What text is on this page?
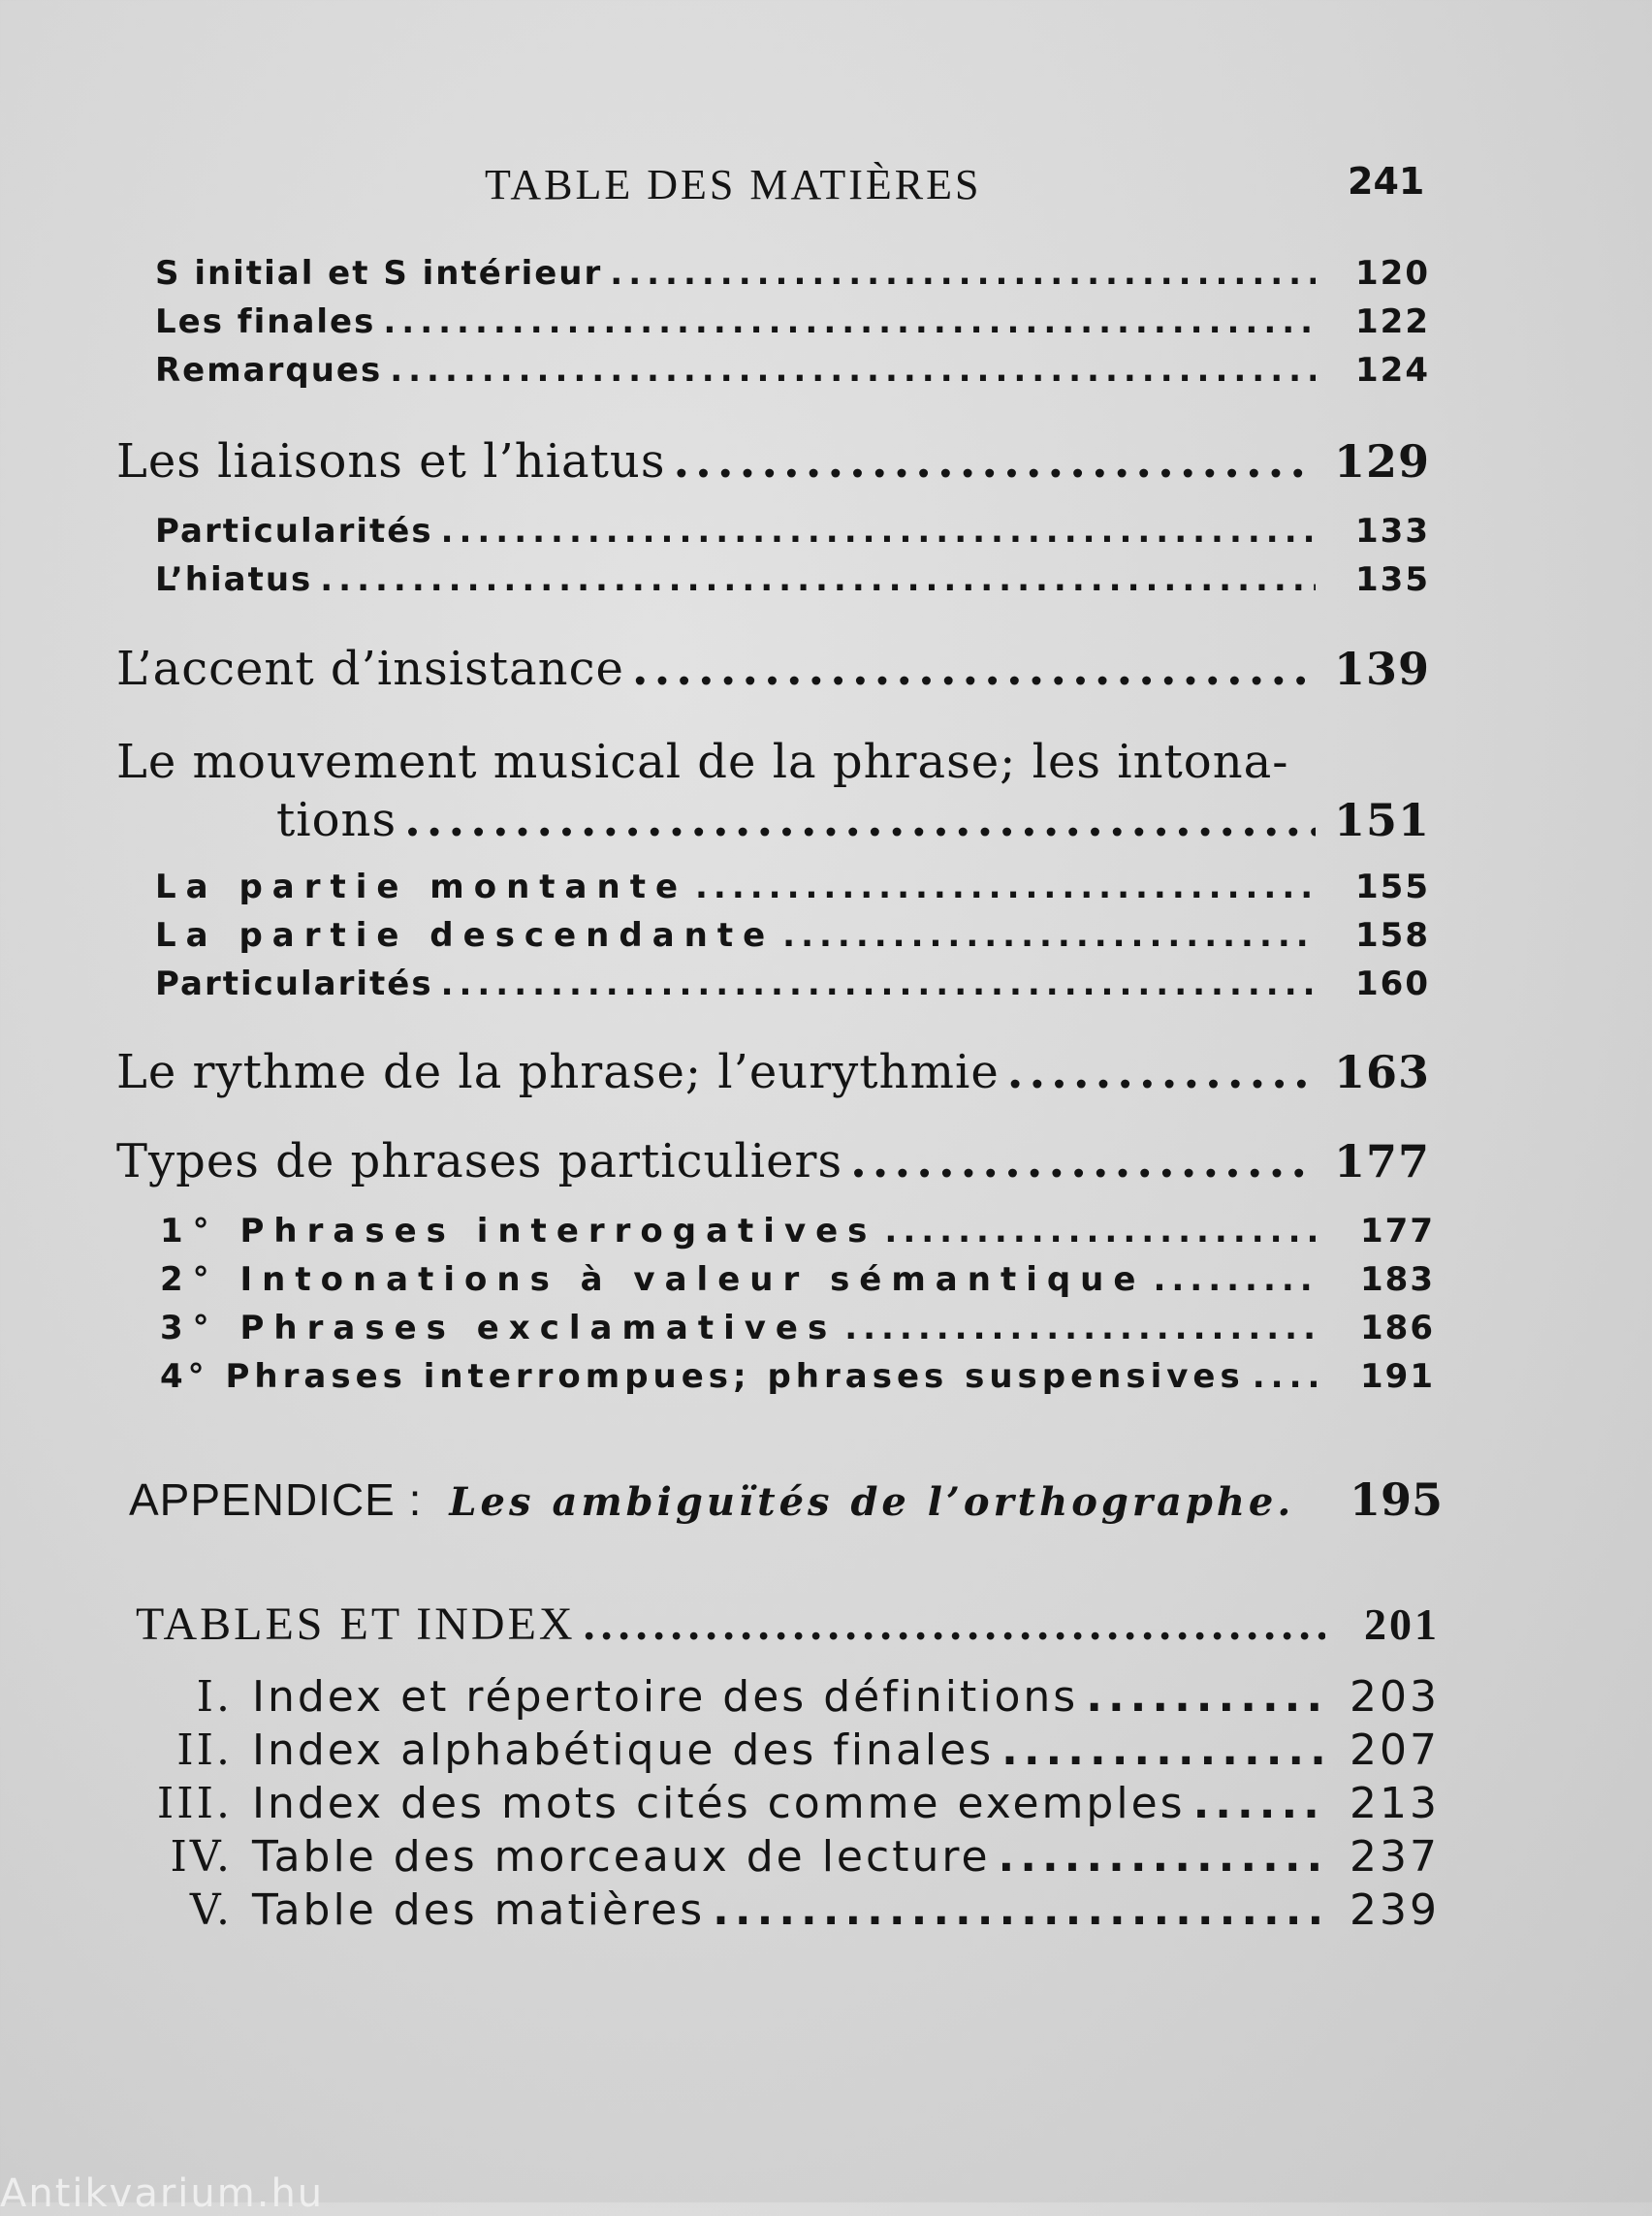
TABLE DES MATIÈRES	241
S initial et S intérieur .....	120
Les finales .....	122
Remarques .....	124
Les liaisons et l’hiatus .....	129
Particularités .....	133
L’hiatus .....	135
L’accent d’insistance .....	139
Le mouvement musical de la phrase; les intona-
tions .....	151
La partie montante .....	155
La partie descendante .....	158
Particularités .....	160
Le rythme de la phrase; l’eurythmie .....	163
Types de phrases particuliers .....	177
1° Phrases interrogatives .....	177
2° Intonations à valeur sémantique .....	183
3° Phrases exclamatives .....	186
4° Phrases interrompues; phrases suspensives .....	191
APPENDICE : Les ambiguïtés de l’orthographe. 195
TABLES ET INDEX .....	201
I. Index et répertoire des définitions .....	203
II. Index alphabétique des finales .....	207
III. Index des mots cités comme exemples .....	213
IV. Table des morceaux de lecture .....	237
V. Table des matières .....	239
Antikvarium.hu
